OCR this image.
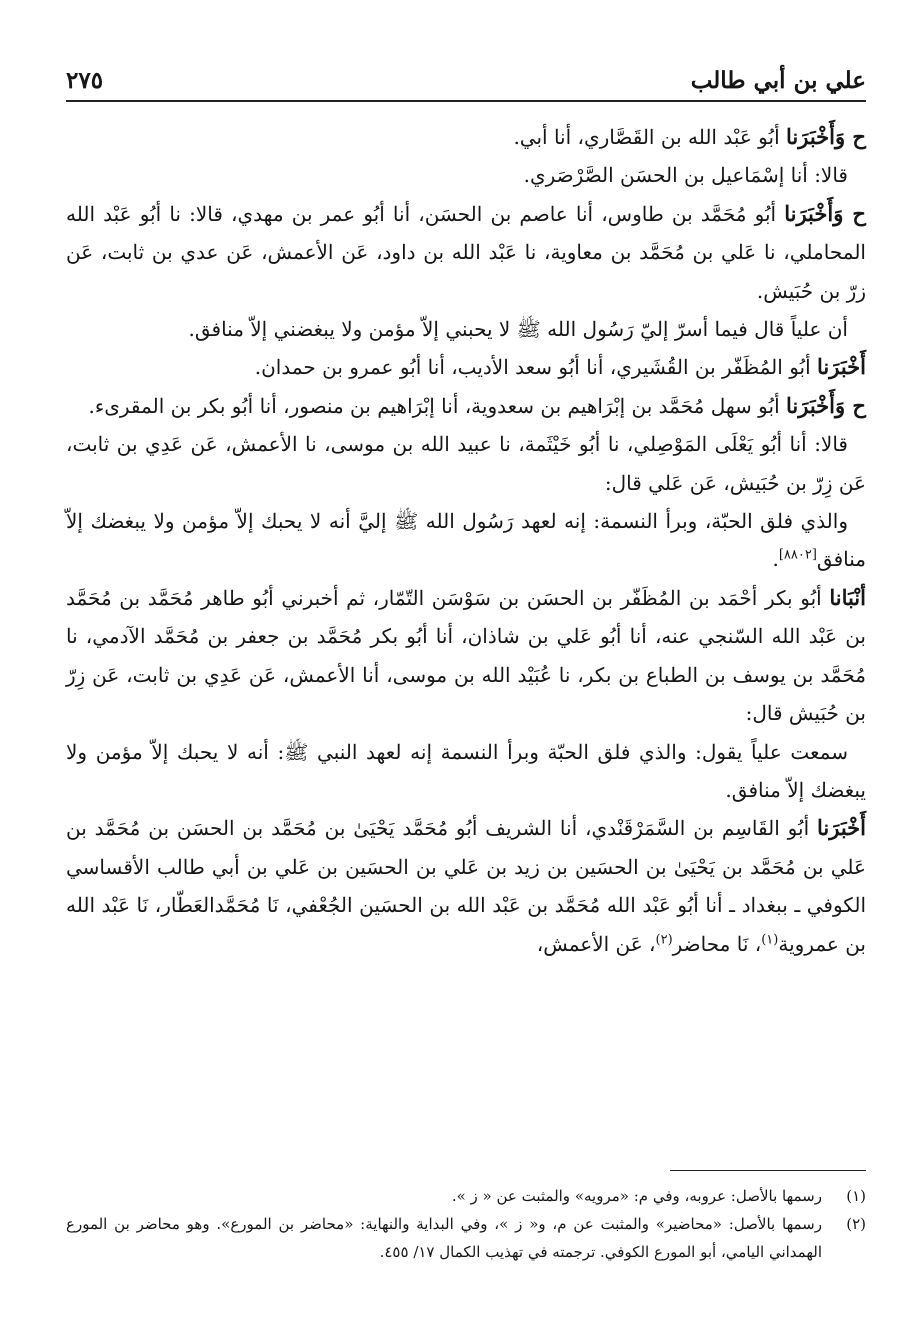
٢٧٥	علي بن أبي طالب

ح وَأَخْبَرَنا أبُو عَبْد الله بن القَصَّاري، أنا أبي.

قالا: أنا إسْمَاعيل بن الحسَن الصَّرْصَري.

ح وَأَخْبَرَنا أبُو مُحَمَّد بن طاوس، أنا عاصم بن الحسَن، أنا أبُو عمر بن مهدي، قالا: نا أبُو عَبْد الله المحاملي، نا عَلي بن مُحَمَّد بن معاوية، نا عَبْد الله بن داود، عَن الأعمش، عَن عدي بن ثابت، عَن زرّ بن حُبَيش.

أن علياً قال فيما أسرّ إليّ رَسُول الله ﷺ لا يحبني إلاّ مؤمن ولا يبغضني إلاّ منافق.

أَخْبَرَنا أبُو المُظَفّر بن القُشَيري، أنا أبُو سعد الأديب، أنا أبُو عمرو بن حمدان.

ح وَأَخْبَرَنا أبُو سهل مُحَمَّد بن إبْرَاهيم بن سعدوية، أنا إبْرَاهيم بن منصور، أنا أبُو بكر بن المقرىء.

قالا: أنا أبُو يَعْلَى المَوْصِلي، نا أبُو خَيْثَمة، نا عبيد الله بن موسى، نا الأعمش، عَن عَدِي بن ثابت، عَن زِرّ بن حُبَيش، عَن عَلي قال:

والذي فلق الحبّة، وبرأ النسمة: إنه لعهد رَسُول الله ﷺ إليَّ أنه لا يحبك إلاّ مؤمن ولا يبغضك إلاّ منافق[٨٨٠٢].

أنْبَانا أبُو بكر أحْمَد بن المُظَفّر بن الحسَن بن سَوْسَن التّمّار، ثم أخبرني أبُو طاهر مُحَمَّد بن مُحَمَّد بن عَبْد الله السّنجي عنه، أنا أبُو عَلي بن شاذان، أنا أبُو بكر مُحَمَّد بن جعفر بن مُحَمَّد الآدمي، نا مُحَمَّد بن يوسف بن الطباع بن بكر، نا عُبَيْد الله بن موسى، أنا الأعمش، عَن عَدِي بن ثابت، عَن زِرّ بن حُبَيش قال:

سمعت علياً يقول: والذي فلق الحبّة وبرأ النسمة إنه لعهد النبي ﷺ: أنه لا يحبك إلاّ مؤمن ولا يبغضك إلاّ منافق.

أَخْبَرَنا أبُو القَاسِم بن السَّمَرْقَنْدي، أنا الشريف أبُو مُحَمَّد يَحْيَىٰ بن مُحَمَّد بن الحسَن بن مُحَمَّد بن عَلي بن مُحَمَّد بن يَحْيَىٰ بن الحسَين بن زيد بن عَلي بن الحسَين بن عَلي بن أبي طالب الأقساسي الكوفي ـ ببغداد ـ أنا أبُو عَبْد الله مُحَمَّد بن عَبْد الله بن الحسَين الجُعْفي، نَا مُحَمَّدالعَطّار، نَا عَبْد الله بن عمروية$^{(١)}$، نَا محاضر$^{(٢)}$، عَن الأعمش،

(١)
رسمها بالأصل: عروبه، وفي م: «مرويه» والمثبت عن « ز ».
(٢)
رسمها بالأصل: «محاضير» والمثبت عن م، و« ز »، وفي البداية والنهاية: «محاضر بن المورع». وهو محاضر بن المورع الهمداني اليامي، أبو المورع الكوفي. ترجمته في تهذيب الكمال ١٧/ ٤٥٥.
